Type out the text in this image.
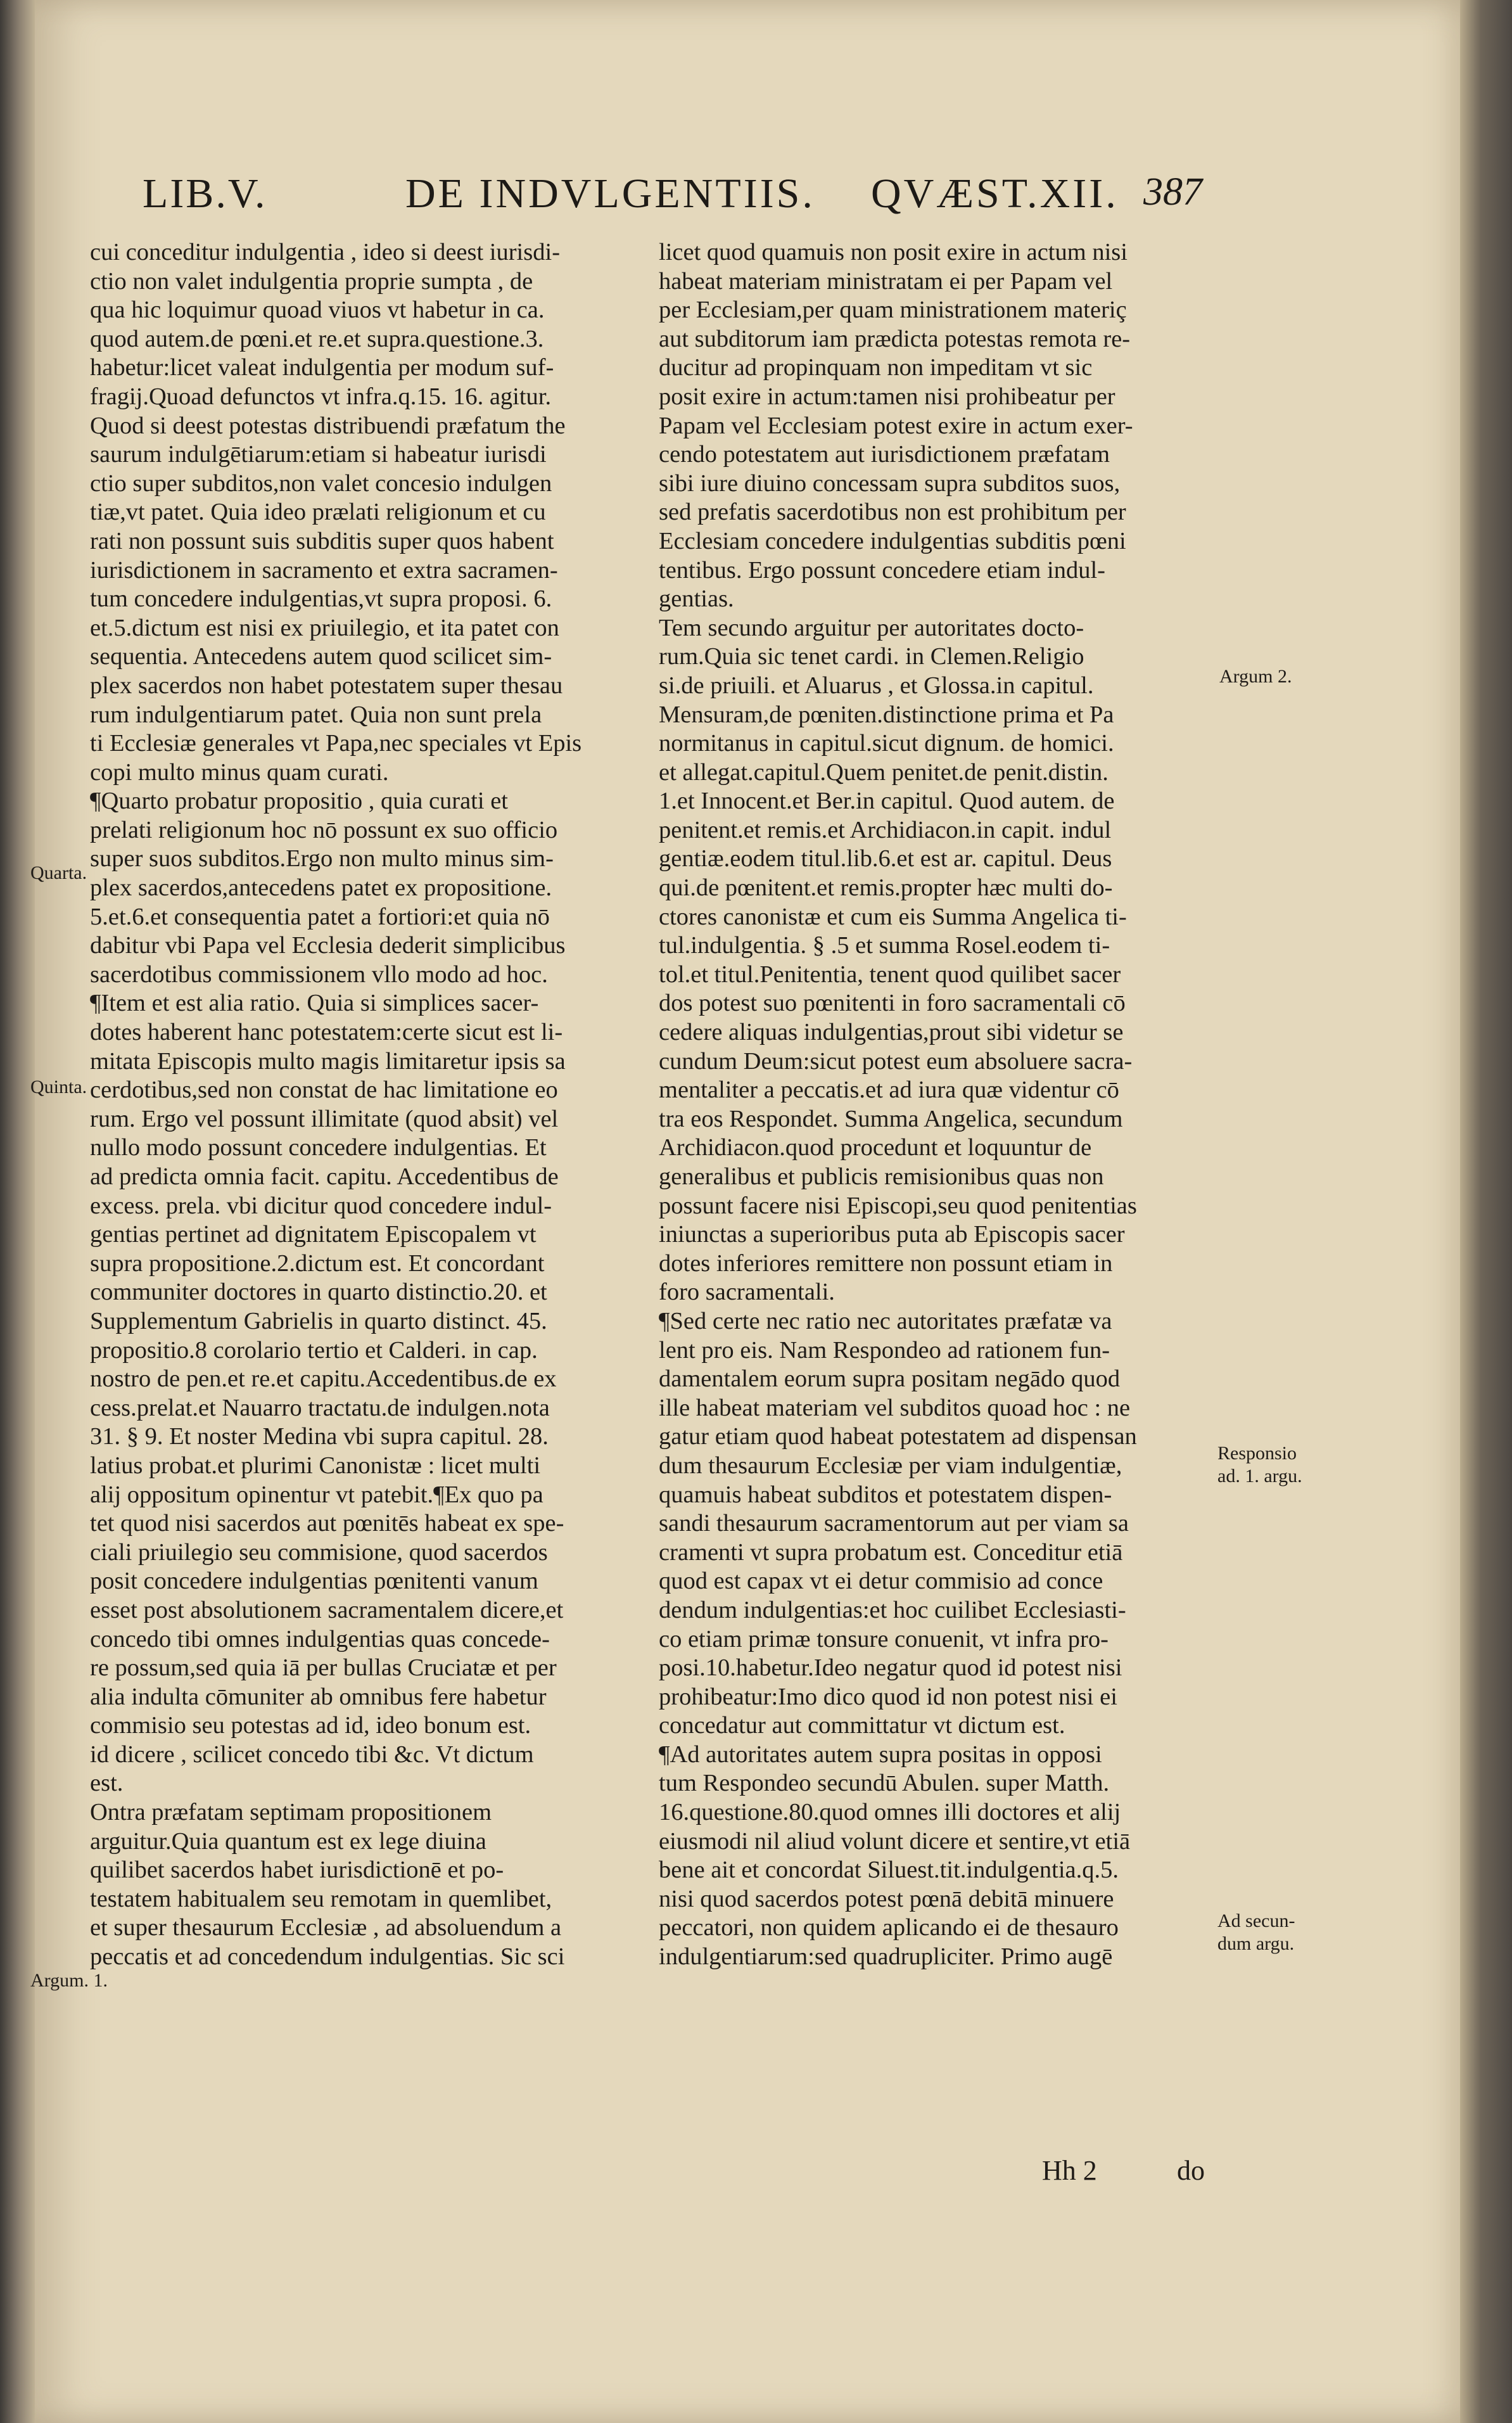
LIB.V.	DE INDVLGENTIIS. QVÆST.XII. 387

cui conceditur indulgentia , ideo si deest iurisdi-

ctio non valet indulgentia proprie sumpta , de

qua hic loquimur quoad viuos vt habetur in ca.

quod autem.de pœni.et re.et supra.questione.3.

habetur:licet valeat indulgentia per modum suf-

fragij.Quoad defunctos vt infra.q.15. 16. agitur.

Quod si deest potestas distribuendi præfatum the

saurum indulgētiarum:etiam si habeatur iurisdi

ctio super subditos,non valet concesio indulgen

tiæ,vt patet. Quia ideo prælati religionum et cu

rati non possunt suis subditis super quos habent

iurisdictionem in sacramento et extra sacramen-

tum concedere indulgentias,vt supra proposi. 6.

et.5.dictum est nisi ex priuilegio, et ita patet con

sequentia. Antecedens autem quod scilicet sim-

plex sacerdos non habet potestatem super thesau

rum indulgentiarum patet. Quia non sunt prela

ti Ecclesiæ generales vt Papa,nec speciales vt Epis

copi multo minus quam curati.

¶Quarto probatur propositio , quia curati et

prelati religionum hoc nō possunt ex suo officio

super suos subditos.Ergo non multo minus sim-

plex sacerdos,antecedens patet ex propositione.

5.et.6.et consequentia patet a fortiori:et quia nō

dabitur vbi Papa vel Ecclesia dederit simplicibus

sacerdotibus commissionem vllo modo ad hoc.

¶Item et est alia ratio. Quia si simplices sacer-

dotes haberent hanc potestatem:certe sicut est li-

mitata Episcopis multo magis limitaretur ipsis sa

cerdotibus,sed non constat de hac limitatione eo

rum. Ergo vel possunt illimitate (quod absit) vel

nullo modo possunt concedere indulgentias. Et

ad predicta omnia facit. capitu. Accedentibus de

excess. prela. vbi dicitur quod concedere indul-

gentias pertinet ad dignitatem Episcopalem vt

supra propositione.2.dictum est. Et concordant

communiter doctores in quarto distinctio.20. et

Supplementum Gabrielis in quarto distinct. 45.

propositio.8 corolario tertio et Calderi. in cap.

nostro de pen.et re.et capitu.Accedentibus.de ex

cess.prelat.et Nauarro tractatu.de indulgen.nota

31. § 9. Et noster Medina vbi supra capitul. 28.

latius probat.et plurimi Canonistæ : licet multi

alij oppositum opinentur vt patebit.¶Ex quo pa

tet quod nisi sacerdos aut pœnitēs habeat ex spe-

ciali priuilegio seu commisione, quod sacerdos

posit concedere indulgentias pœnitenti vanum

esset post absolutionem sacramentalem dicere,et

concedo tibi omnes indulgentias quas concede-

re possum,sed quia iā per bullas Cruciatæ et per

alia indulta cōmuniter ab omnibus fere habetur

commisio seu potestas ad id, ideo bonum est.

id dicere , scilicet concedo tibi &c. Vt dictum

est.

Ontra præfatam septimam propositionem

arguitur.Quia quantum est ex lege diuina

quilibet sacerdos habet iurisdictionē et po-

testatem habitualem seu remotam in quemlibet,

et super thesaurum Ecclesiæ , ad absoluendum a

peccatis et ad concedendum indulgentias. Sic sci

licet quod quamuis non posit exire in actum nisi

habeat materiam ministratam ei per Papam vel

per Ecclesiam,per quam ministrationem materiç

aut subditorum iam prædicta potestas remota re-

ducitur ad propinquam non impeditam vt sic

posit exire in actum:tamen nisi prohibeatur per

Papam vel Ecclesiam potest exire in actum exer-

cendo potestatem aut iurisdictionem præfatam

sibi iure diuino concessam supra subditos suos,

sed prefatis sacerdotibus non est prohibitum per

Ecclesiam concedere indulgentias subditis pœni

tentibus. Ergo possunt concedere etiam indul-

gentias.

Tem secundo arguitur per autoritates docto-

rum.Quia sic tenet cardi. in Clemen.Religio

si.de priuili. et Aluarus , et Glossa.in capitul.

Mensuram,de pœniten.distinctione prima et Pa

normitanus in capitul.sicut dignum. de homici.

et allegat.capitul.Quem penitet.de penit.distin.

1.et Innocent.et Ber.in capitul. Quod autem. de

penitent.et remis.et Archidiacon.in capit. indul

gentiæ.eodem titul.lib.6.et est ar. capitul. Deus

qui.de pœnitent.et remis.propter hæc multi do-

ctores canonistæ et cum eis Summa Angelica ti-

tul.indulgentia. § .5 et summa Rosel.eodem ti-

tol.et titul.Penitentia, tenent quod quilibet sacer

dos potest suo pœnitenti in foro sacramentali cō

cedere aliquas indulgentias,prout sibi videtur se

cundum Deum:sicut potest eum absoluere sacra-

mentaliter a peccatis.et ad iura quæ videntur cō

tra eos Respondet. Summa Angelica, secundum

Archidiacon.quod procedunt et loquuntur de

generalibus et publicis remisionibus quas non

possunt facere nisi Episcopi,seu quod penitentias

iniunctas a superioribus puta ab Episcopis sacer

dotes inferiores remittere non possunt etiam in

foro sacramentali.

¶Sed certe nec ratio nec autoritates præfatæ va

lent pro eis. Nam Respondeo ad rationem fun-

damentalem eorum supra positam negādo quod

ille habeat materiam vel subditos quoad hoc : ne

gatur etiam quod habeat potestatem ad dispensan

dum thesaurum Ecclesiæ per viam indulgentiæ,

quamuis habeat subditos et potestatem dispen-

sandi thesaurum sacramentorum aut per viam sa

cramenti vt supra probatum est. Conceditur etiā

quod est capax vt ei detur commisio ad conce

dendum indulgentias:et hoc cuilibet Ecclesiasti-

co etiam primæ tonsure conuenit, vt infra pro-

posi.10.habetur.Ideo negatur quod id potest nisi

prohibeatur:Imo dico quod id non potest nisi ei

concedatur aut committatur vt dictum est.

¶Ad autoritates autem supra positas in opposi

tum Respondeo secundū Abulen. super Matth.

16.questione.80.quod omnes illi doctores et alij

eiusmodi nil aliud volunt dicere et sentire,vt etiā

bene ait et concordat Siluest.tit.indulgentia.q.5.

nisi quod sacerdos potest pœnā debitā minuere

peccatori, non quidem aplicando ei de thesauro

indulgentiarum:sed quadrupliciter. Primo augē

Quarta.
Quinta.
Argum. 1.
Argum 2.
Responsio ad. 1. argu.
Ad secun- dum argu.
Hh 2	do
